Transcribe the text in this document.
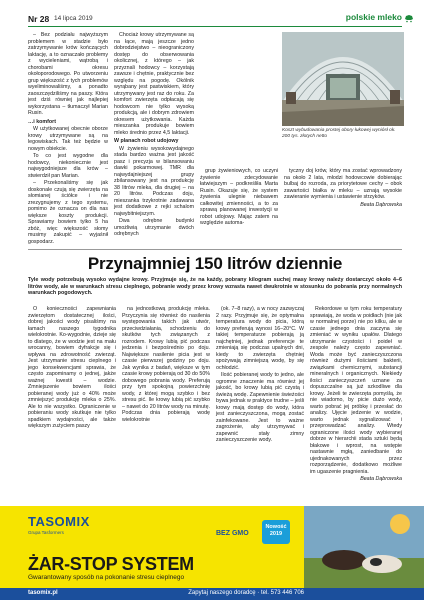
Nr 28 14 lipca 2019	polskie mleko

– Bez podziału najwyższym problemem w stadzie było zatrzymywanie krów kończących laktację, a to oznaczało problemy z wycieleniami, wątrobą i chorobami okresu okołoporodowego. Po utworzeniu grup większość z tych problemów wyeliminowaliśmy, a ponadto zaoszczędziliśmy na paszy. Która jest dziś równiej jak najlepiej wykorzystana – tłumaczył Marian Rusin.

…i komfort

W użytkowanej obecnie oborze krowy utrzymywane są na legowiskach. Tak też będzie w nowym obiekcie.

To co jest wygodne dla hodowcy, niekoniecznie jest najwygodniejsze dla krów – stwierdził pan Marian.

– Przekonaliśmy się jak doskonale czują się zwierzęta na słomianej ściółce i nie zrezygnujemy z tego systemu, pomimo że oznacza on dla nas większe koszty produkcji. Sprawiamy bowiem tylko 5 ha zbóż, więc większość słomy musimy zakupić – wyjaśnił gospodarz.

Chociaż krowy utrzymywane są na łące, mają jeszcze jedno dobrodziejstwo – nieograniczony dostęp do obserwowania okolicznej, z którego – jak przyznali hodowcy – korzystają zawsze i chętnie, praktycznie bez względu na pogodę. Okólnik wyrąbany jest pastwiskiem, który utrzymywany jest raz do roku. Za komfort zwierzęta odpłacają się hodowcom nie tylko wysoką produkcją, ale i dobrym zdrowiem okresem użytkowania. Każda mieszanka produkuje bowiem mleko średnio przez 4,5 laktacji.

W planach robot udojowy

W żywieniu wysokowydajnego stada bardzo ważna jest jakość pasz i precyzja w bilansowaniu dawki pokarmowej. TMR dla najwydajniejszej grupy zbilansowany jest na produkcję 38 litrów mleka, dla drugiej – na 20 litrów. Podczas doju, mieszanka trzykrotnie zadawana jest dodatkowe z rejki schalom najwybitniejszym.

Dwa odrębne budynki umożliwią utrzymanie dwóch odrębnych

Koszt wybudowania prostej obory łukowej wyniósł ok. 200 tys. złotych netto

grup żywieniowych, co uczyni żywienie zdecydowanie łatwiejszym – podkreśliła Marta Rusin. Okazuje się, że system żywienia ulegnie niebawem całkowitej zmienności, a to za sprawą planowanej inwestycji w robot udojowy. Mając zatem na względzie automa-

tyczny doj krów, który ma zostać wprowadzony na około 2 lata, młodzi hodowcowie dobierając bulbaj do rozroda, za priorytetowe cechy – obok zawartości białka w mleku – uznają wysokie zawieranie wymienia i ustawienie strzyków.

Beata Dąbrowska

Przynajmniej 150 litrów dziennie
Tyle wody potrzebują wysoko wydajne krowy. Przyjmuje się, że na każdy, pobrany kilogram suchej masy krowy należy dostarczyć około 4–6 litrów wody, ale w warunkach stresu cieplnego, pobranie wody przez krowy wzrasta nawet dwukrotnie w stosunku do pobrania przy normalnych warunkach pogodowych.

O konieczności zapewniania zwierzętom dostatecznej ilości, dobrej jakości wody pisaliśmy na łamach naszego tygodnika wielokrotnie. Ko-wygodnie, dzieje się to dlatego, że w wodzie jest na mału wrocanny, bowiem dyfrakcje się i wpływa na zdrowotność zwierząt. Jest utrzymanie stresu cieplnego i jego konsekwencjami sprawia, że często zapominamy o jednej, jakże ważnej kwestii – wodzie. Zmniejszenie bowiem ilości pobieranej wody już o 40% może zmniejszyć produkcję mleka o 25%. Ale to nie wszystko. Ograniczenie w pobieraniu wody skutkuje nie tylko spadkiem wydajności, ale także większym zużyciem paszy

na jednostkową produkcję mleka. Przyczynia się również do nasilenia występowania takich jak utwór, przeciwdziałania, schodzeniu do skutków tych związanych z rozrodem. Krowy lubią pić podczas jedzenia i bezpośrednio po doju. Największe nasilenie picia jest w czasie pierwszej godziny po doju. Jak wynika z badań, większe w tym czasie krowy pobierają od 30 do 50% dobowego pobrania wody. Preferują przy tym spokojną powierzchnię wody, z której mogą szybko i bez stresu pić. Ile krowy lubią pić szybko – nawet do 20 litrów wody na minutę. Podczas dnia pobierają wodę wielokrotnie

(ok. 7–8 razy), a w nocy zazwyczaj 2 razy. Przyjmuje się, że optymalna temperatura wody do picia, którą krowy preferują wynosi 16–20°C. W takiej temperaturze pobierają ją najchętniej, jednak preferencje te zmieniają się podczas upalnych dni, kiedy to zwierzęta chętniej spożywają zimniejszą wodę, by się ochłodzić.

Ilość pobieranej wody to jedno, ale ogromne znaczenie ma również jej jakość, bo krowy lubią pić czystą i świeżą wodę. Zapewnienie świeżości bywa jednak w praktyce trudne – jeśli krowy mają dostęp do wody, która jest zanieczyszczona, mogą zostać zainfekowane. Jest to ważne zagrożenie, aby utrzymywać i zapewnić stały zimny zanieczyszczenie wody.

Rekordowe w tym roku temperatury sprawiają, że woda w poidłach (nie jak w normalnej porze) nie po kilku, ale w czasie jednego dnia zaczyna się zmieniać w wyniku upałów. Dlatego utrzymanie czystości i poideł w zespole należy często zapewniać. Woda może być zanieczyszczona również dużymi ilościami bakterii, związkami chemicznymi, substancji mineralnych i organicznych. Niekiedy ilości zanieczyszczeń uznane za dopuszczalne są już szkodliwe dla krowy. Jeżeli te zwierzęta pomyślą, że nie wiadomo, by picie dużo wody, warto pobrać jej próbkę i przesłać do analizy. Ujęcie jedzenie w wodzie, warto jednak sygnalizować i przeprowadzać analizy. Wtedy ograniczone ilości wody wybieranej dobrze w hierarchii stada sztuki będą błakowe i wprost, na wstępie nastawnie mgłą, zaniedbanie do ujednakowanych przez rozporządzenie, dodatkowo możliwe im ugaszenie pragnienia.

Beata Dąbrowska

TASOMIX
Grupa Tasformers	BEZ GMO
Nowość
2019
ŻAR-STOP SYSTEM
Gwarantowany sposób na pokonanie stresu cieplnego
tasomix.pl	Zapytaj naszego doradcę · tel. 573 446 706
